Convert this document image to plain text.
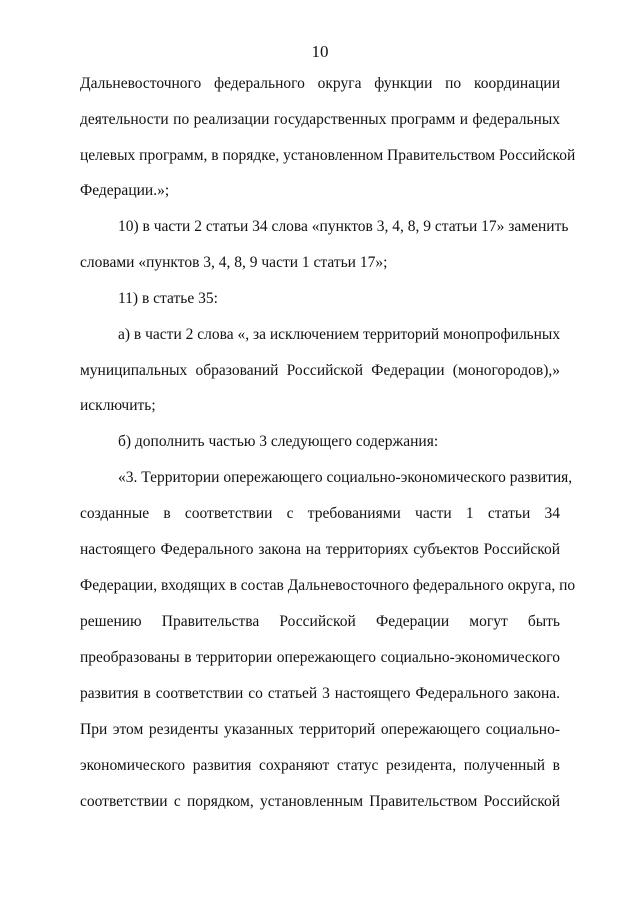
10
Дальневосточного федерального округа функции по координации
деятельности по реализации государственных программ и федеральных
целевых программ, в порядке, установленном Правительством Российской
Федерации.»;
10) в части 2 статьи 34 слова «пунктов 3, 4, 8, 9 статьи 17» заменить
словами «пунктов 3, 4, 8, 9 части 1 статьи 17»;
11) в статье 35:
а) в части 2 слова «, за исключением территорий монопрофильных
муниципальных образований Российской Федерации (моногородов),»
исключить;
б) дополнить частью 3 следующего содержания:
«3. Территории опережающего социально-экономического развития,
созданные в соответствии с требованиями части 1 статьи 34
настоящего Федерального закона на территориях субъектов Российской
Федерации, входящих в состав Дальневосточного федерального округа, по
решению Правительства Российской Федерации могут быть
преобразованы в территории опережающего социально-экономического
развития в соответствии со статьей 3 настоящего Федерального закона.
При этом резиденты указанных территорий опережающего социально-
экономического развития сохраняют статус резидента, полученный в
соответствии с порядком, установленным Правительством Российской
